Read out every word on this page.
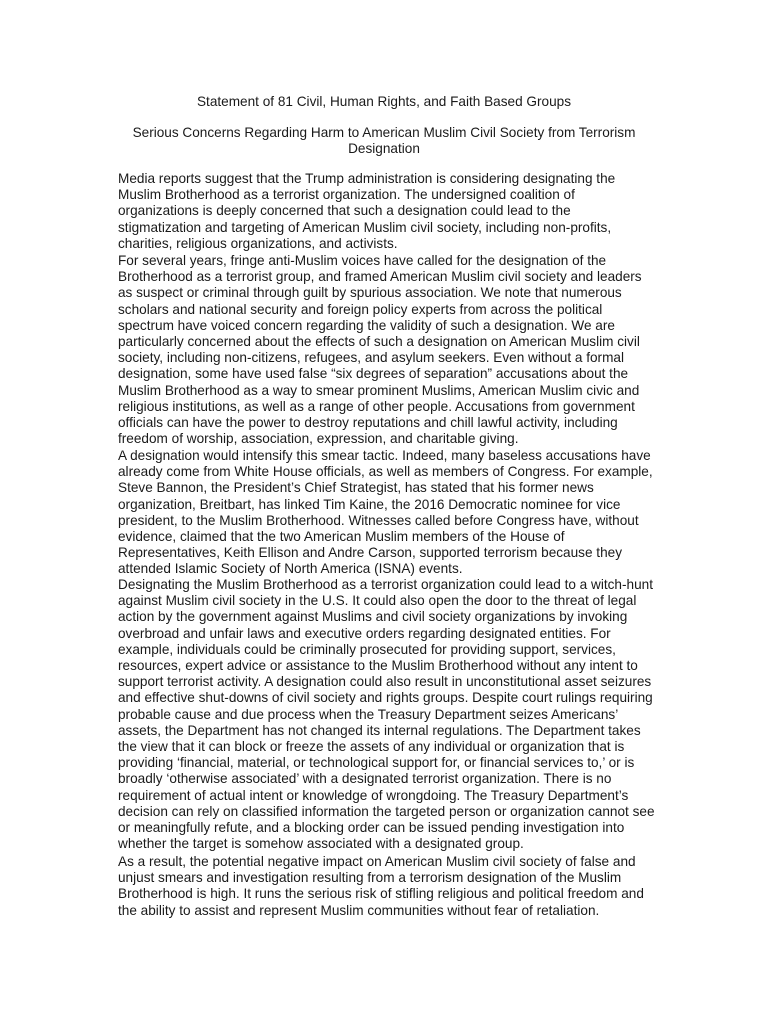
Statement of 81 Civil, Human Rights, and Faith Based Groups
Serious Concerns Regarding Harm to American Muslim Civil Society from Terrorism Designation

Media reports suggest that the Trump administration is considering designating the Muslim Brotherhood as a terrorist organization. The undersigned coalition of organizations is deeply concerned that such a designation could lead to the stigmatization and targeting of American Muslim civil society, including non-profits, charities, religious organizations, and activists.

For several years, fringe anti-Muslim voices have called for the designation of the Brotherhood as a terrorist group, and framed American Muslim civil society and leaders as suspect or criminal through guilt by spurious association. We note that numerous scholars and national security and foreign policy experts from across the political spectrum have voiced concern regarding the validity of such a designation. We are particularly concerned about the effects of such a designation on American Muslim civil society, including non-citizens, refugees, and asylum seekers. Even without a formal designation, some have used false “six degrees of separation” accusations about the Muslim Brotherhood as a way to smear prominent Muslims, American Muslim civic and religious institutions, as well as a range of other people. Accusations from government officials can have the power to destroy reputations and chill lawful activity, including freedom of worship, association, expression, and charitable giving.

A designation would intensify this smear tactic. Indeed, many baseless accusations have already come from White House officials, as well as members of Congress. For example, Steve Bannon, the President’s Chief Strategist, has stated that his former news organization, Breitbart, has linked Tim Kaine, the 2016 Democratic nominee for vice president, to the Muslim Brotherhood. Witnesses called before Congress have, without evidence, claimed that the two American Muslim members of the House of Representatives, Keith Ellison and Andre Carson, supported terrorism because they attended Islamic Society of North America (ISNA) events.

Designating the Muslim Brotherhood as a terrorist organization could lead to a witch-hunt against Muslim civil society in the U.S. It could also open the door to the threat of legal action by the government against Muslims and civil society organizations by invoking overbroad and unfair laws and executive orders regarding designated entities. For example, individuals could be criminally prosecuted for providing support, services, resources, expert advice or assistance to the Muslim Brotherhood without any intent to support terrorist activity. A designation could also result in unconstitutional asset seizures and effective shut-downs of civil society and rights groups. Despite court rulings requiring probable cause and due process when the Treasury Department seizes Americans’ assets, the Department has not changed its internal regulations. The Department takes the view that it can block or freeze the assets of any individual or organization that is providing ‘financial, material, or technological support for, or financial services to,’ or is broadly ‘otherwise associated’ with a designated terrorist organization. There is no requirement of actual intent or knowledge of wrongdoing. The Treasury Department’s decision can rely on classified information the targeted person or organization cannot see or meaningfully refute, and a blocking order can be issued pending investigation into whether the target is somehow associated with a designated group.

As a result, the potential negative impact on American Muslim civil society of false and unjust smears and investigation resulting from a terrorism designation of the Muslim Brotherhood is high. It runs the serious risk of stifling religious and political freedom and the ability to assist and represent Muslim communities without fear of retaliation.
